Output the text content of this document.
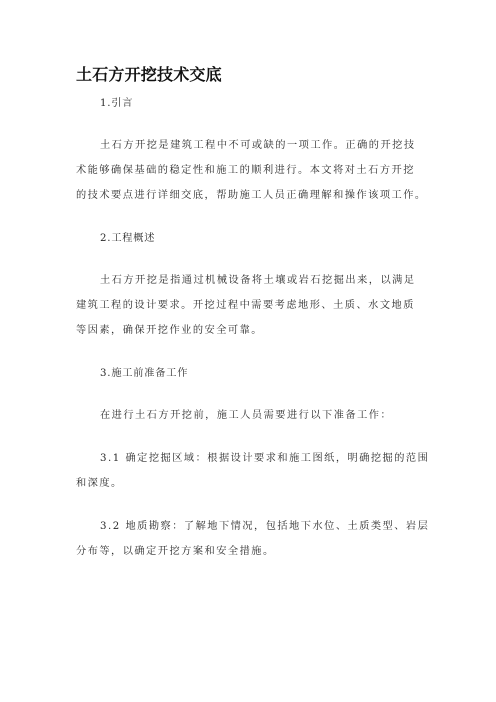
土石方开挖技术交底
1.引言
土石方开挖是建筑工程中不可或缺的一项工作。正确的开挖技
术能够确保基础的稳定性和施工的顺利进行。本文将对土石方开挖
的技术要点进行详细交底，帮助施工人员正确理解和操作该项工作。
2.工程概述
土石方开挖是指通过机械设备将土壤或岩石挖掘出来，以满足
建筑工程的设计要求。开挖过程中需要考虑地形、土质、水文地质
等因素，确保开挖作业的安全可靠。
3.施工前准备工作
在进行土石方开挖前，施工人员需要进行以下准备工作：
3.1 确定挖掘区域：根据设计要求和施工图纸，明确挖掘的范围
和深度。
3.2 地质勘察：了解地下情况，包括地下水位、土质类型、岩层
分布等，以确定开挖方案和安全措施。
